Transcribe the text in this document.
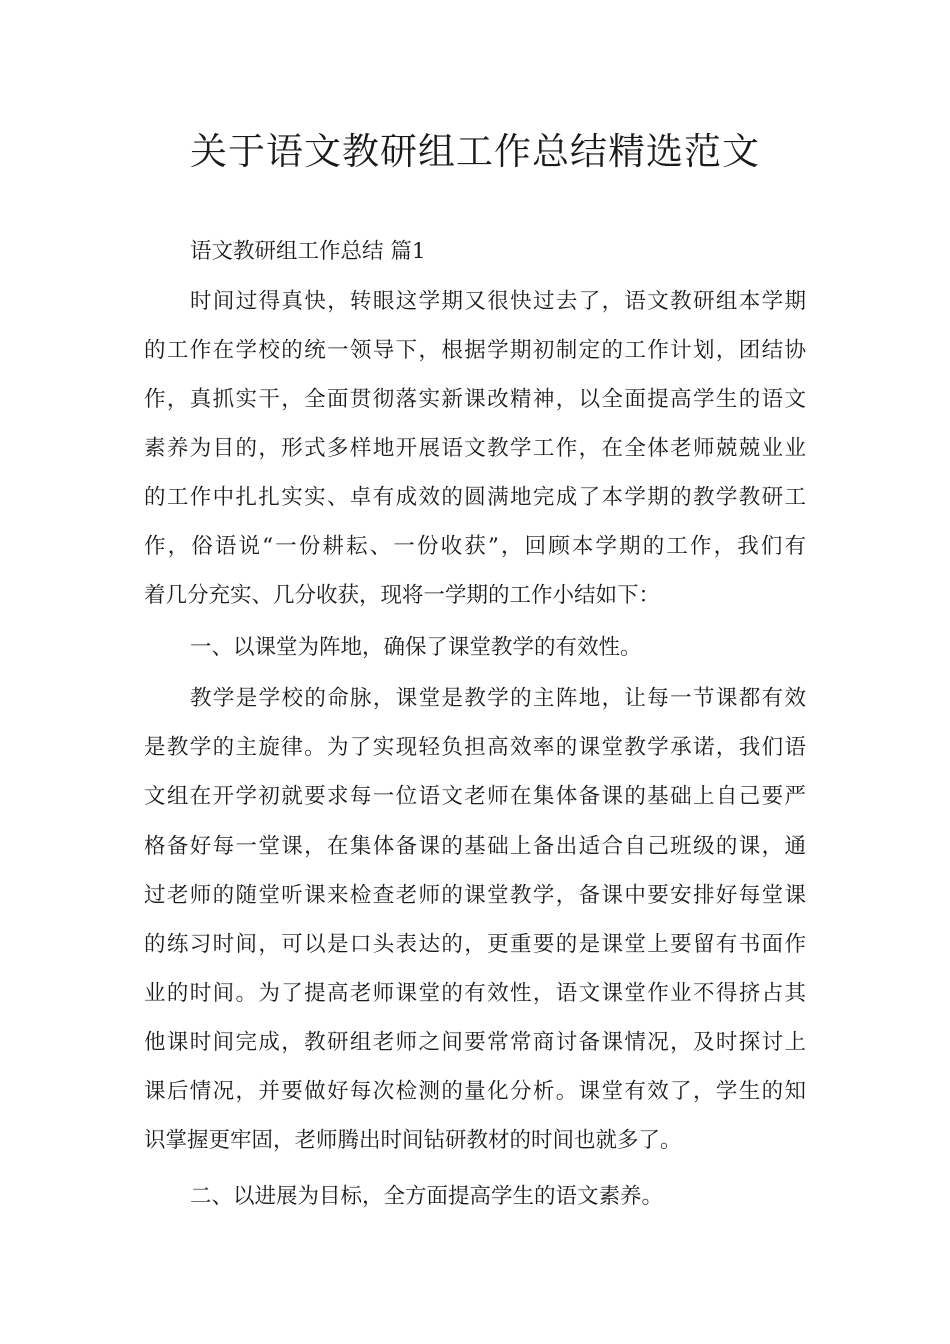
关于语文教研组工作总结精选范文

语文教研组工作总结 篇1

时间过得真快，转眼这学期又很快过去了，语文教研组本学期

的工作在学校的统一领导下，根据学期初制定的工作计划，团结协

作，真抓实干，全面贯彻落实新课改精神，以全面提高学生的语文

素养为目的，形式多样地开展语文教学工作，在全体老师兢兢业业

的工作中扎扎实实、卓有成效的圆满地完成了本学期的教学教研工

作，俗语说“一份耕耘、一份收获”，回顾本学期的工作，我们有

着几分充实、几分收获，现将一学期的工作小结如下：

一、以课堂为阵地，确保了课堂教学的有效性。

教学是学校的命脉，课堂是教学的主阵地，让每一节课都有效

是教学的主旋律。为了实现轻负担高效率的课堂教学承诺，我们语

文组在开学初就要求每一位语文老师在集体备课的基础上自己要严

格备好每一堂课，在集体备课的基础上备出适合自己班级的课，通

过老师的随堂听课来检查老师的课堂教学，备课中要安排好每堂课

的练习时间，可以是口头表达的，更重要的是课堂上要留有书面作

业的时间。为了提高老师课堂的有效性，语文课堂作业不得挤占其

他课时间完成，教研组老师之间要常常商讨备课情况，及时探讨上

课后情况，并要做好每次检测的量化分析。课堂有效了，学生的知

识掌握更牢固，老师腾出时间钻研教材的时间也就多了。

二、以进展为目标，全方面提高学生的语文素养。
